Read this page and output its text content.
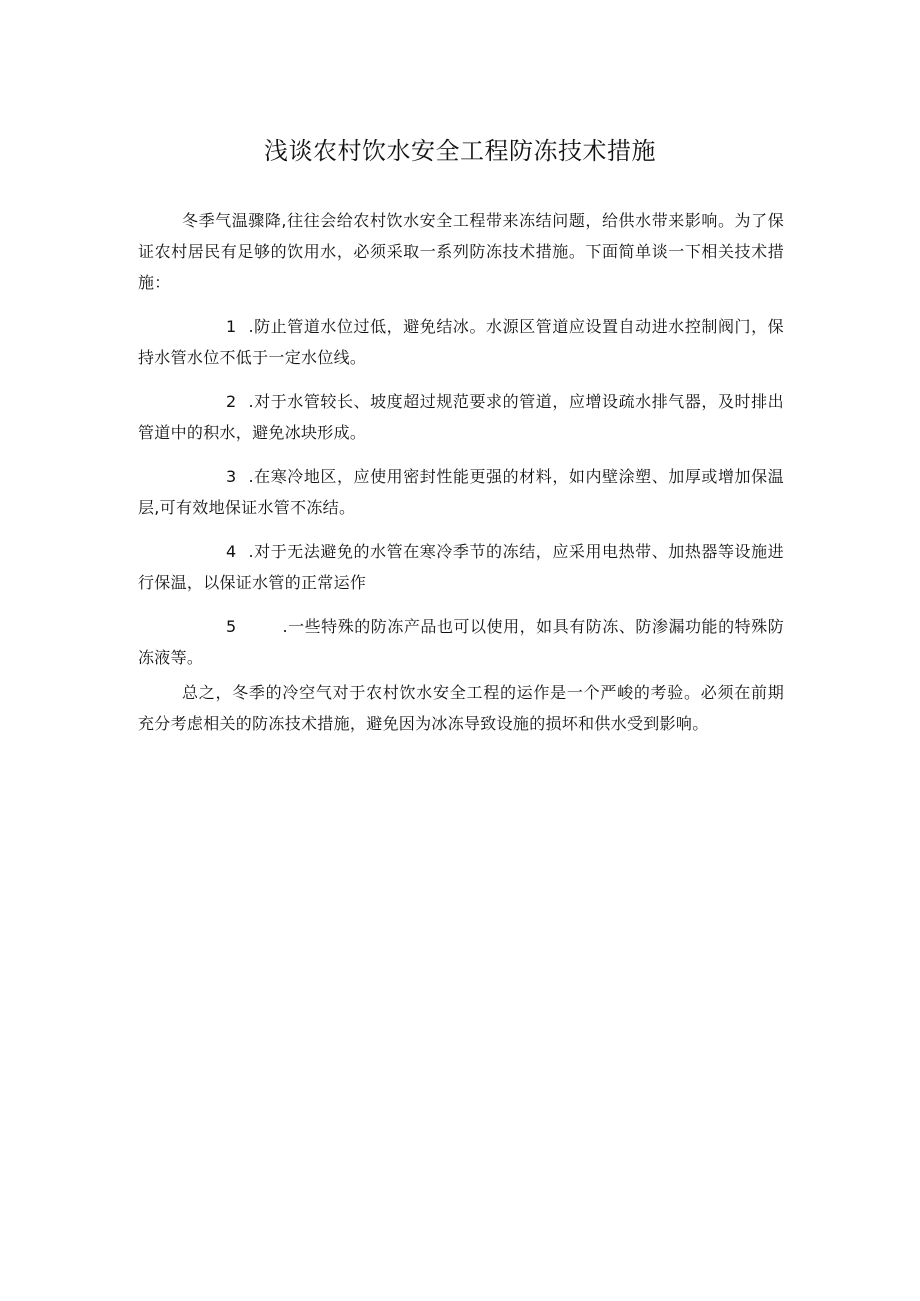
浅谈农村饮水安全工程防冻技术措施

冬季气温骤降,往往会给农村饮水安全工程带来冻结问题，给供水带来影响。为了保证农村居民有足够的饮用水，必须采取一系列防冻技术措施。下面简单谈一下相关技术措施：

1 .防止管道水位过低，避免结冰。水源区管道应设置自动进水控制阀门，保持水管水位不低于一定水位线。

2 .对于水管较长、坡度超过规范要求的管道，应增设疏水排气器，及时排出管道中的积水，避免冰块形成。

3 .在寒冷地区，应使用密封性能更强的材料，如内壁涂塑、加厚或增加保温层,可有效地保证水管不冻结。

4 .对于无法避免的水管在寒冷季节的冻结，应采用电热带、加热器等设施进行保温，以保证水管的正常运作

5	.一些特殊的防冻产品也可以使用，如具有防冻、防渗漏功能的特殊防冻液等。

总之，冬季的冷空气对于农村饮水安全工程的运作是一个严峻的考验。必须在前期充分考虑相关的防冻技术措施，避免因为冰冻导致设施的损坏和供水受到影响。
